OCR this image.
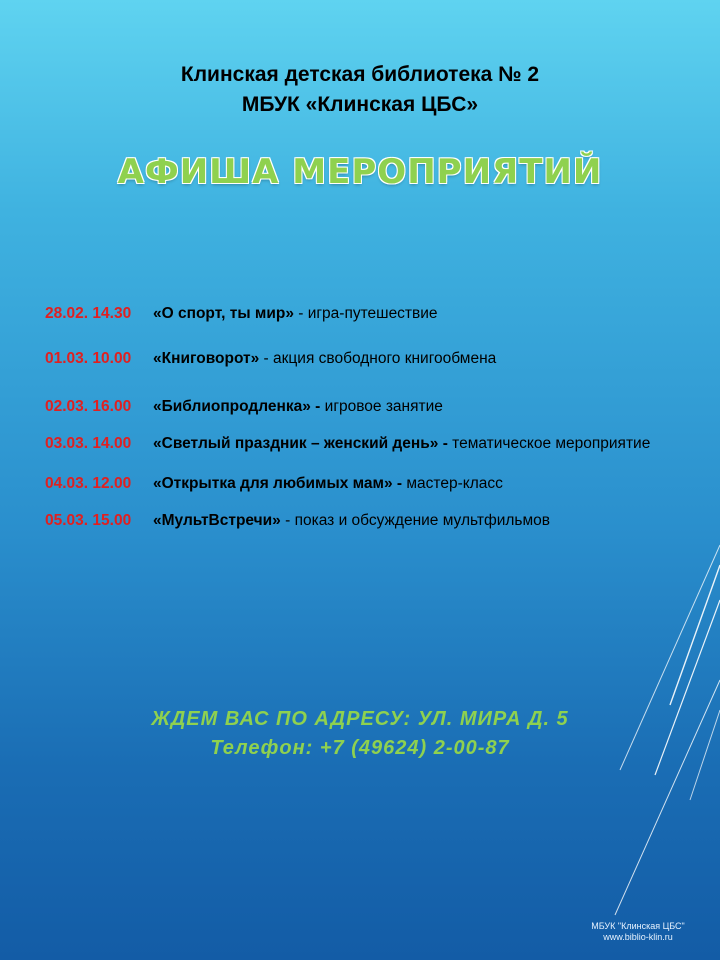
Клинская детская библиотека № 2
МБУК «Клинская ЦБС»
АФИША МЕРОПРИЯТИЙ
28.02. 14.30 «О спорт, ты мир» - игра-путешествие
01.03. 10.00 «Книговорот» - акция свободного книгообмена
02.03. 16.00 «Библиопродленка» - игровое занятие
03.03. 14.00 «Светлый праздник – женский день» - тематическое мероприятие
04.03. 12.00 «Открытка для любимых мам» - мастер-класс
05.03. 15.00 «МультВстречи» - показ и обсуждение мультфильмов
ЖДЕМ ВАС ПО АДРЕСУ: УЛ. МИРА Д. 5
Телефон: +7 (49624) 2-00-87
МБУК "Клинская ЦБС"
www.biblio-klin.ru
